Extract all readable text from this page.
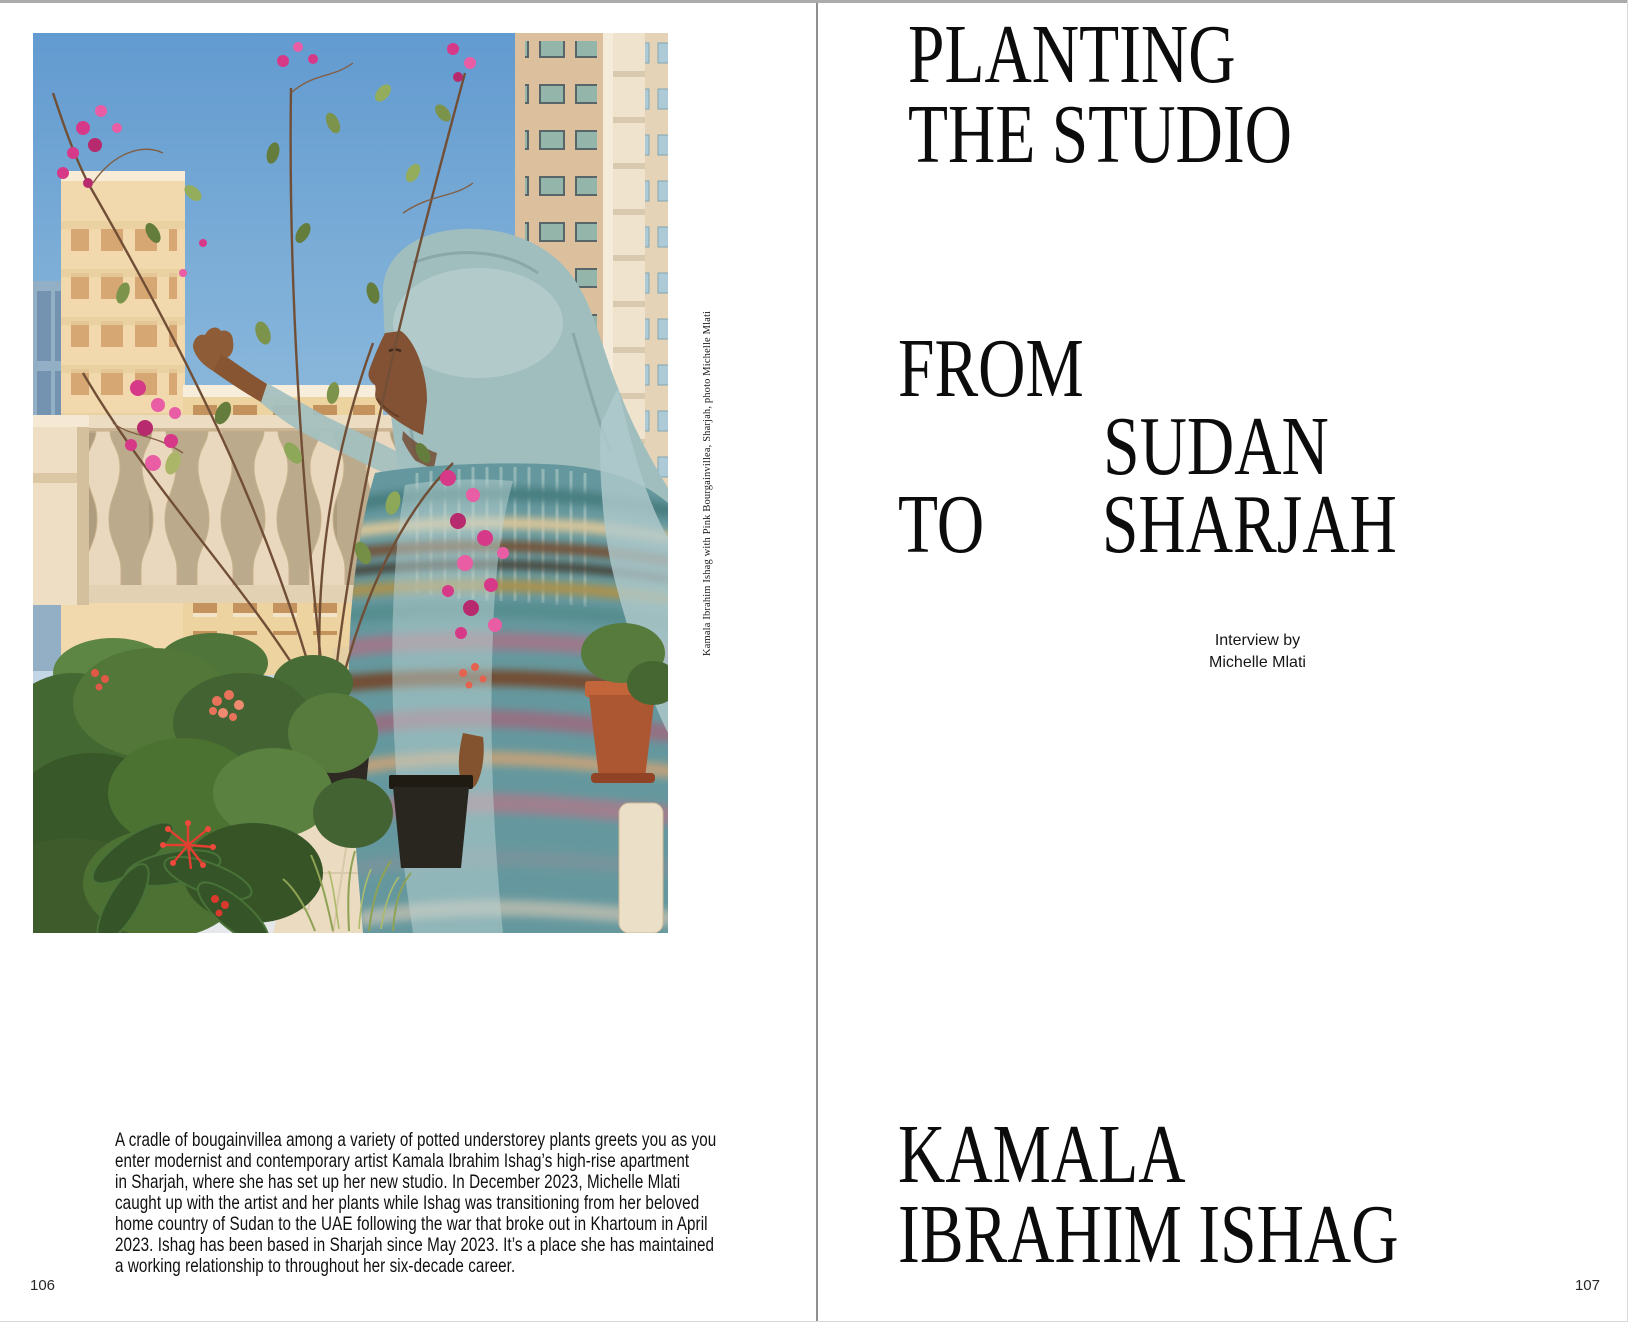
Kamala Ibrahim Ishag with Pink Bourgainvillea, Sharjah, photo Michelle Mlati
A cradle of bougainvillea among a variety of potted understorey plants greets you as you
enter modernist and contemporary artist Kamala Ibrahim Ishag’s high-rise apartment
in Sharjah, where she has set up her new studio. In December 2023, Michelle Mlati
caught up with the artist and her plants while Ishag was transitioning from her beloved
home country of Sudan to the UAE following the war that broke out in Khartoum in April
2023. Ishag has been based in Sharjah since May 2023. It’s a place she has maintained
a working relationship to throughout her six-decade career.
106
PLANTING
THE STUDIO
FROM
SUDAN
TO SHARJAH
Interview by
Michelle Mlati
KAMALA
IBRAHIM ISHAG
107
